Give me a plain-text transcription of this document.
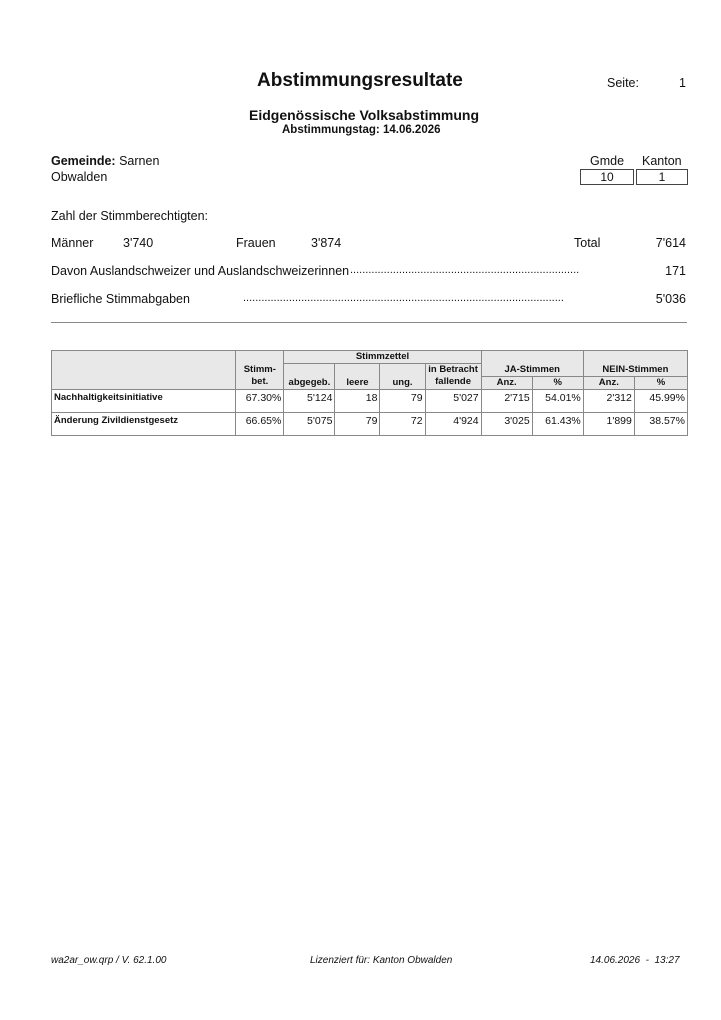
Abstimmungsresultate	Seite:	1
Eidgenössische Volksabstimmung
Abstimmungstag: 14.06.2026
Gemeinde: Sarnen
Obwalden
Gmde Kanton
10	1
Zahl der Stimmberechtigten:
Männer 3'740	Frauen	3'874	Total	7'614
Davon Auslandschweizer und Auslandschweizerinnen ...........................................................................	171
Briefliche Stimmabgaben	.........................................................................................................	5'036
		Stimmzettel							
	Stimm-	abgegeb.	leere	ung.	in Betracht	JA-Stimmen		NEIN-Stimmen	
	bet.				fallende	Anz.	%	Anz.	%
Nachhaltigkeitsinitiative	67.30%	5'124	18	79	5'027	2'715	54.01%	2'312	45.99%
Änderung Zivildienstgesetz	66.65%	5'075	79	72	4'924	3'025	61.43%	1'899	38.57%
wa2ar_ow.qrp / V. 62.1.00	Lizenziert für: Kanton Obwalden	14.06.2026  -  13:27
